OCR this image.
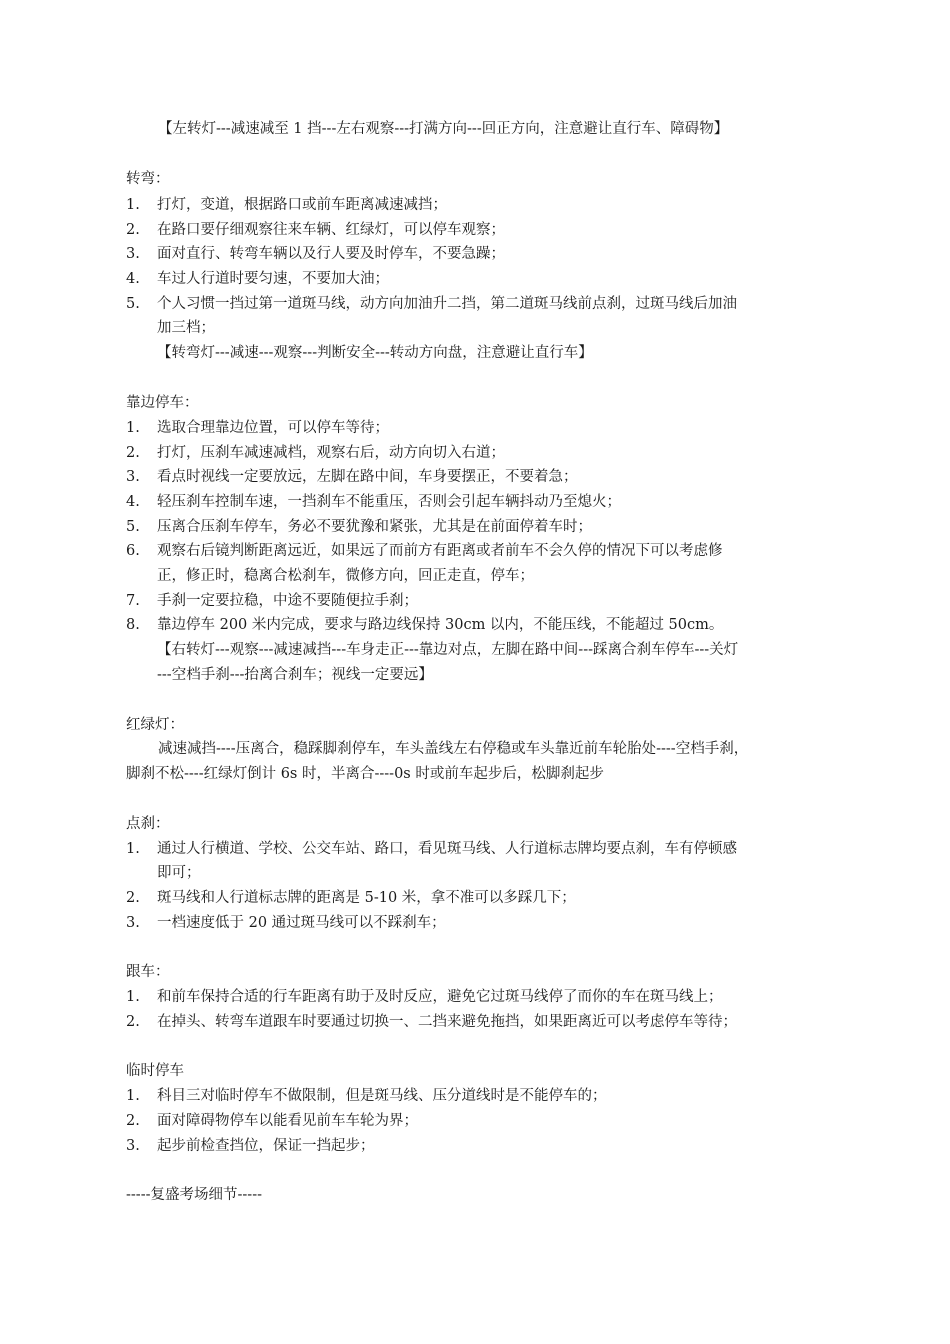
【左转灯---减速减至 1 挡---左右观察---打满方向---回正方向，注意避让直行车、障碍物】
转弯：
1.	打灯，变道，根据路口或前车距离减速减挡；
2.	在路口要仔细观察往来车辆、红绿灯，可以停车观察；
3.	面对直行、转弯车辆以及行人要及时停车，不要急躁；
4.	车过人行道时要匀速，不要加大油；
5.	个人习惯一挡过第一道斑马线，动方向加油升二挡，第二道斑马线前点刹，过斑马线后加油
加三档；
【转弯灯---减速---观察---判断安全---转动方向盘，注意避让直行车】
靠边停车：
1.	选取合理靠边位置，可以停车等待；
2.	打灯，压刹车减速减档，观察右后，动方向切入右道；
3.	看点时视线一定要放远，左脚在路中间，车身要摆正，不要着急；
4.	轻压刹车控制车速，一挡刹车不能重压，否则会引起车辆抖动乃至熄火；
5.	压离合压刹车停车，务必不要犹豫和紧张，尤其是在前面停着车时；
6.	观察右后镜判断距离远近，如果远了而前方有距离或者前车不会久停的情况下可以考虑修
正，修正时，稳离合松刹车，微修方向，回正走直，停车；
7.	手刹一定要拉稳，中途不要随便拉手刹；
8.	靠边停车 200 米内完成，要求与路边线保持 30cm 以内，不能压线，不能超过 50cm。
【右转灯---观察---减速减挡---车身走正---靠边对点，左脚在路中间---踩离合刹车停车---关灯
---空档手刹---抬离合刹车；视线一定要远】
红绿灯：
减速减挡----压离合，稳踩脚刹停车，车头盖线左右停稳或车头靠近前车轮胎处----空档手刹，
脚刹不松----红绿灯倒计 6s 时，半离合----0s 时或前车起步后，松脚刹起步
点刹：
1.	通过人行横道、学校、公交车站、路口，看见斑马线、人行道标志牌均要点刹，车有停顿感
即可；
2.	斑马线和人行道标志牌的距离是 5-10 米，拿不准可以多踩几下；
3.	一档速度低于 20 通过斑马线可以不踩刹车；
跟车：
1.	和前车保持合适的行车距离有助于及时反应，避免它过斑马线停了而你的车在斑马线上；
2.	在掉头、转弯车道跟车时要通过切换一、二挡来避免拖挡，如果距离近可以考虑停车等待；
临时停车
1.	科目三对临时停车不做限制，但是斑马线、压分道线时是不能停车的；
2.	面对障碍物停车以能看见前车车轮为界；
3.	起步前检查挡位，保证一挡起步；
-----复盛考场细节-----
